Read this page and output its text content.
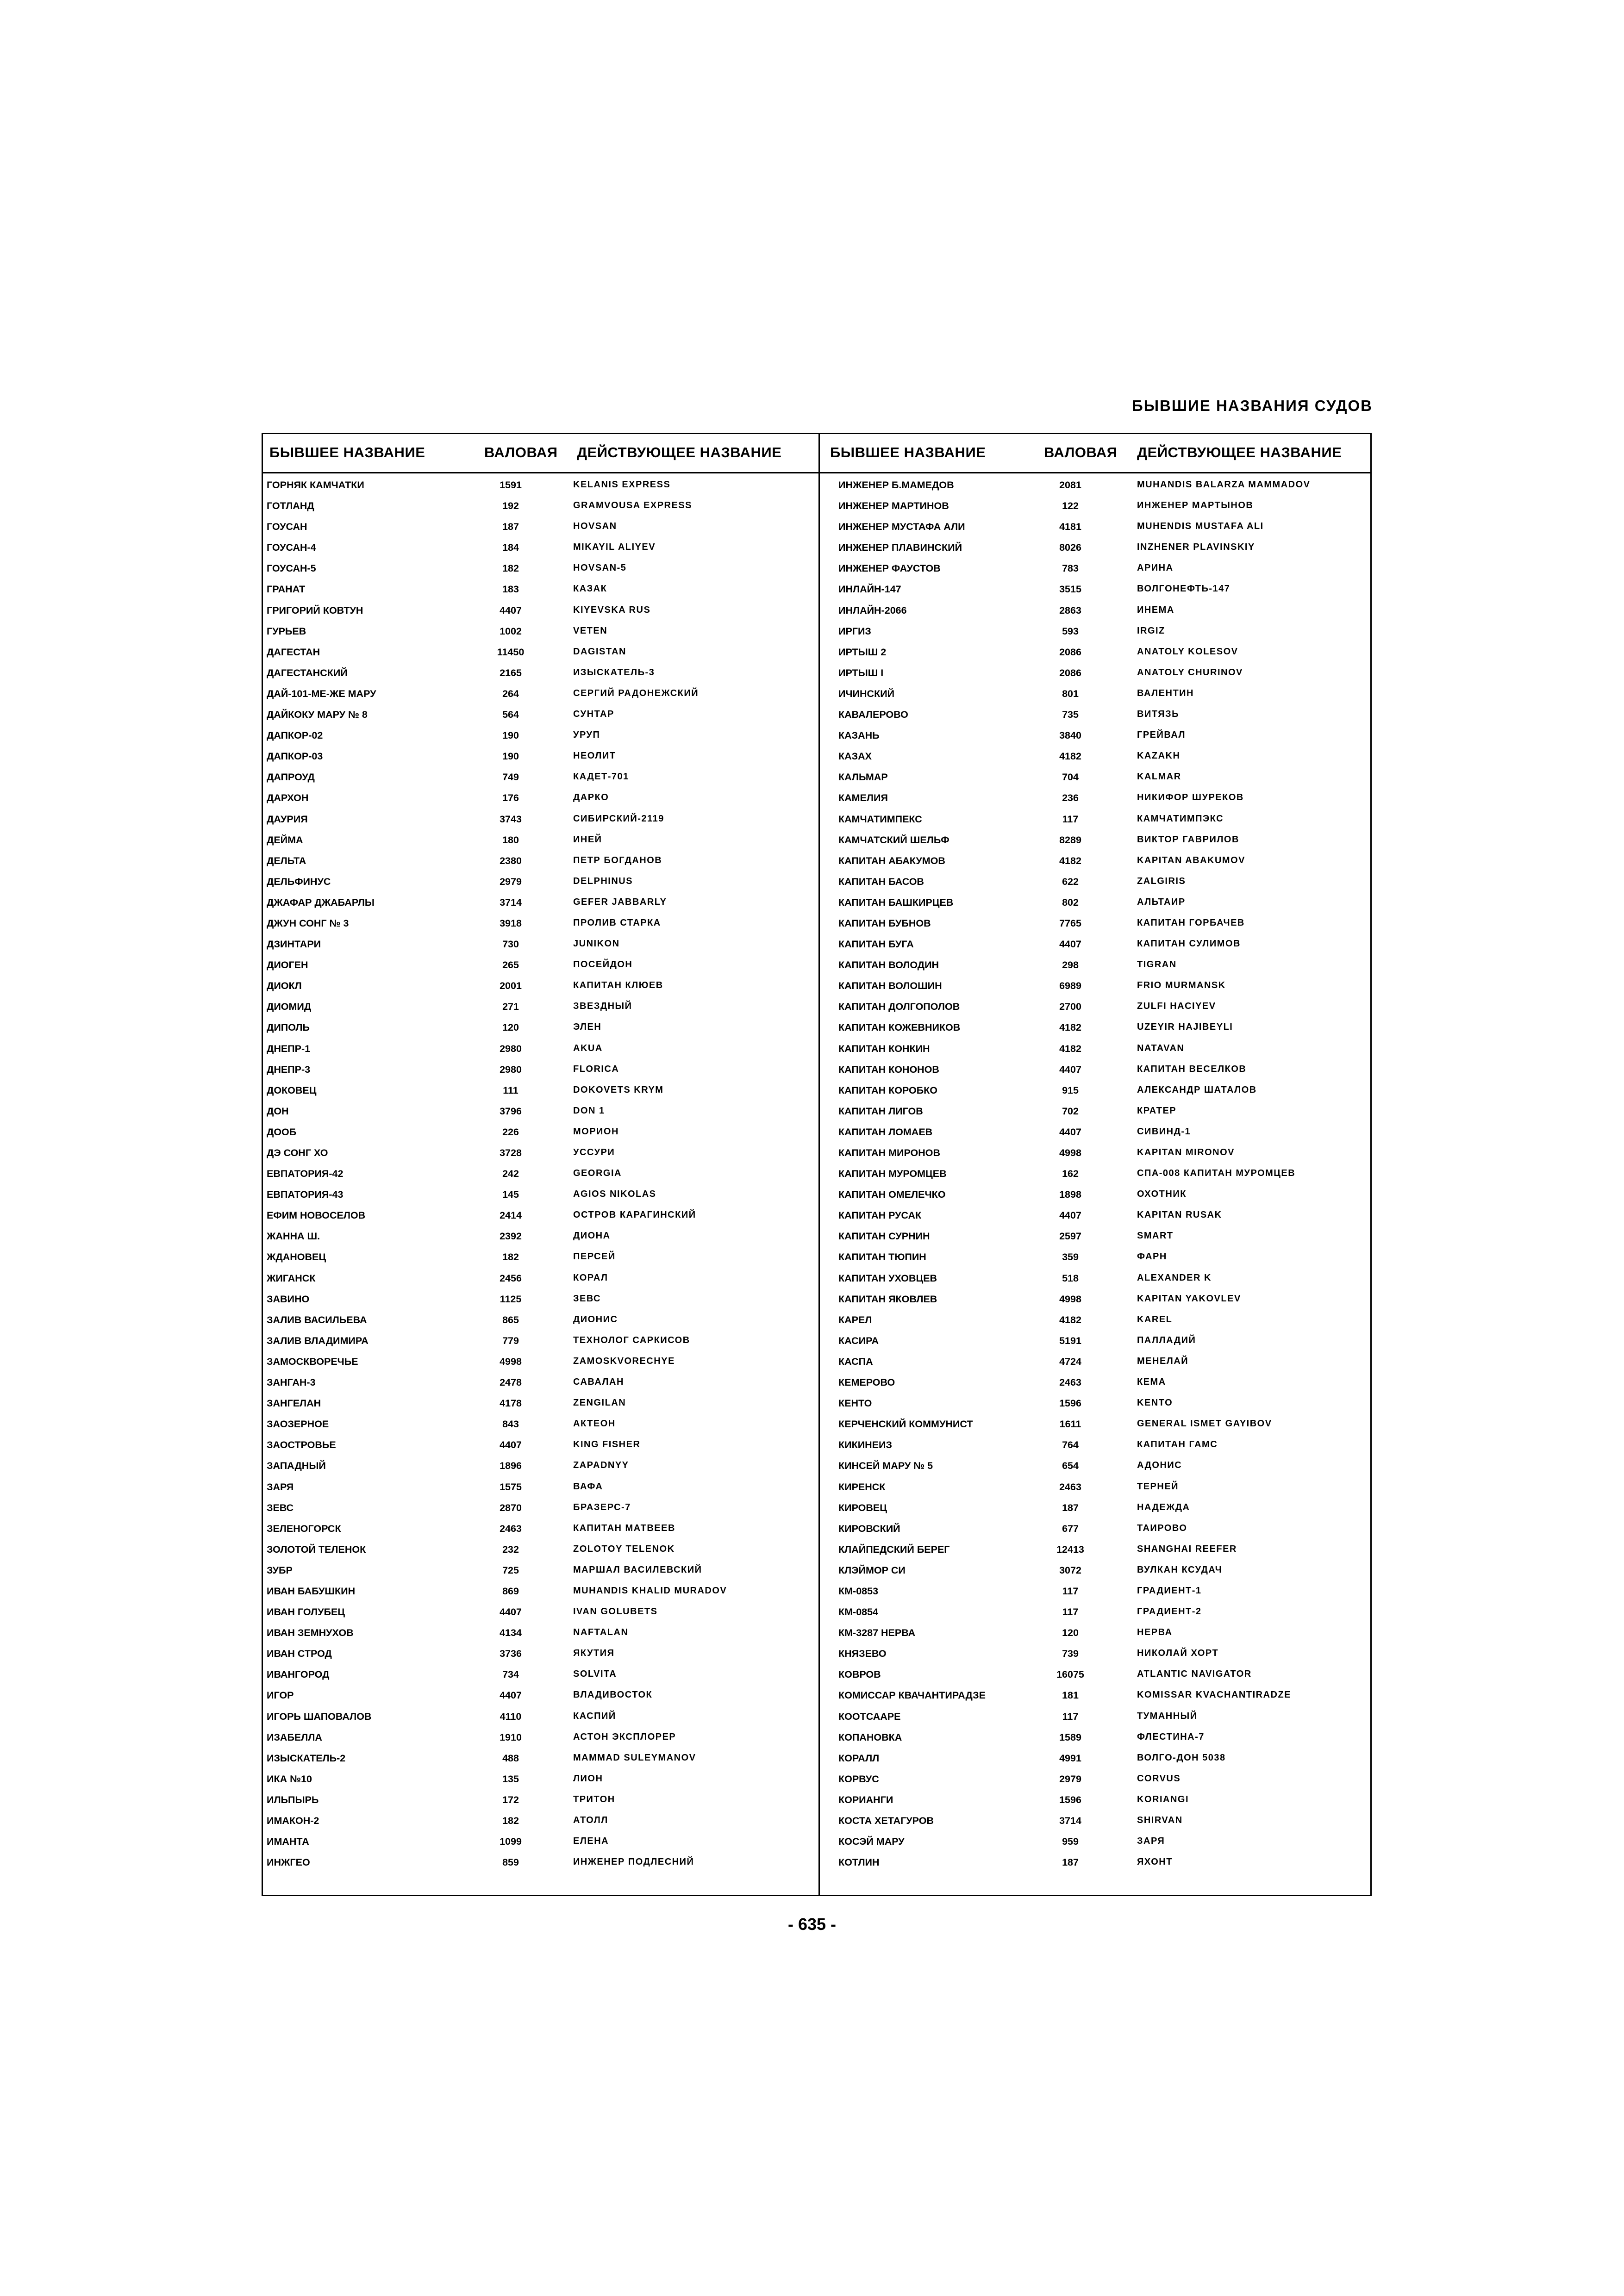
БЫВШИЕ НАЗВАНИЯ СУДОВ
БЫВШЕЕ НАЗВАНИЕ	ВАЛОВАЯ ДЕЙСТВУЮЩЕЕ НАЗВАНИЕ
ГОРНЯК КАМЧАТКИ	1591	KELANIS EXPRESS
ГОТЛАНД	192	GRAMVOUSA EXPRESS
ГОУСАН	187	HOVSAN
ГОУСАН-4	184	MIKAYIL ALIYEV
ГОУСАН-5	182	HOVSAN-5
ГРАНАТ	183	КАЗАК
ГРИГОРИЙ КОВТУН	4407	KIYEVSKA RUS
ГУРЬЕВ	1002	VETEN
ДАГЕСТАН	11450	DAGISTAN
ДАГЕСТАНСКИЙ	2165	ИЗЫСКАТЕЛЬ-3
ДАЙ-101-МЕ-ЖЕ МАРУ	264	СЕРГИЙ РАДОНЕЖСКИЙ
ДАЙКОКУ МАРУ № 8	564	СУНТАР
ДАПКОР-02	190	УРУП
ДАПКОР-03	190	НЕОЛИТ
ДАПРОУД	749	КАДЕТ-701
ДАРХОН	176	ДАРКО
ДАУРИЯ	3743	СИБИРСКИЙ-2119
ДЕЙМА	180	ИНЕЙ
ДЕЛЬТА	2380	ПЕТР БОГДАНОВ
ДЕЛЬФИНУС	2979	DELPHINUS
ДЖАФАР ДЖАБАРЛЫ	3714	GEFER JABBARLY
ДЖУН СОНГ № 3	3918	ПРОЛИВ СТАРКА
ДЗИНТАРИ	730	JUNIKON
ДИОГЕН	265	ПОСЕЙДОН
ДИОКЛ	2001	КАПИТАН КЛЮЕВ
ДИОМИД	271	ЗВЕЗДНЫЙ
ДИПОЛЬ	120	ЭЛЕН
ДНЕПР-1	2980	AKUA
ДНЕПР-3	2980	FLORICA
ДОКОВЕЦ	111	DOKOVETS KRYM
ДОН	3796	DON 1
ДООБ	226	МОРИОН
ДЭ СОНГ ХО	3728	УССУРИ
ЕВПАТОРИЯ-42	242	GEORGIA
ЕВПАТОРИЯ-43	145	AGIOS NIKOLAS
ЕФИМ НОВОСЕЛОВ	2414	ОСТРОВ КАРАГИНСКИЙ
ЖАННА Ш.	2392	ДИОНА
ЖДАНОВЕЦ	182	ПЕРСЕЙ
ЖИГАНСК	2456	КОРАЛ
ЗАВИНО	1125	ЗЕВС
ЗАЛИВ ВАСИЛЬЕВА	865	ДИОНИС
ЗАЛИВ ВЛАДИМИРА	779	ТЕХНОЛОГ САРКИСОВ
ЗАМОСКВОРЕЧЬЕ	4998	ZAMOSKVORECHYE
ЗАНГАН-3	2478	САВАЛАН
ЗАНГЕЛАН	4178	ZENGILAN
ЗАОЗЕРНОЕ	843	АКТЕОН
ЗАОСТРОВЬЕ	4407	KING FISHER
ЗАПАДНЫЙ	1896	ZAPADNYY
ЗАРЯ	1575	ВАФА
ЗЕВС	2870	БРАЗЕРС-7
ЗЕЛЕНОГОРСК	2463	КАПИТАН МАТВЕЕВ
ЗОЛОТОЙ ТЕЛЕНОК	232	ZOLOTOY TELENOK
ЗУБР	725	МАРШАЛ ВАСИЛЕВСКИЙ
ИВАН БАБУШКИН	869	MUHANDIS KHALID MURADOV
ИВАН ГОЛУБЕЦ	4407	IVAN GOLUBETS
ИВАН ЗЕМНУХОВ	4134	NAFTALAN
ИВАН СТРОД	3736	ЯКУТИЯ
ИВАНГОРОД	734	SOLVITA
ИГОР	4407	ВЛАДИВОСТОК
ИГОРЬ ШАПОВАЛОВ	4110	КАСПИЙ
ИЗАБЕЛЛА	1910	АСТОН ЭКСПЛОРЕР
ИЗЫСКАТЕЛЬ-2	488	MAMMAD SULEYMANOV
ИКА №10	135	ЛИОН
ИЛЬПЫРЬ	172	ТРИТОН
ИМАКОН-2	182	АТОЛЛ
ИМАНТА	1099	ЕЛЕНА
ИНЖГЕО	859	ИНЖЕНЕР ПОДЛЕСНИЙ
БЫВШЕЕ НАЗВАНИЕ	ВАЛОВАЯ ДЕЙСТВУЮЩЕЕ НАЗВАНИЕ
ИНЖЕНЕР Б.МАМЕДОВ	2081	MUHANDIS BALARZA MAMMADOV
ИНЖЕНЕР МАРТИНОВ	122	ИНЖЕНЕР МАРТЫНОВ
ИНЖЕНЕР МУСТАФА АЛИ	4181	MUHENDIS MUSTAFA ALI
ИНЖЕНЕР ПЛАВИНСКИЙ	8026	INZHENER PLAVINSKIY
ИНЖЕНЕР ФАУСТОВ	783	АРИНА
ИНЛАЙН-147	3515	ВОЛГОНЕФТЬ-147
ИНЛАЙН-2066	2863	ИНЕМА
ИРГИЗ	593	IRGIZ
ИРТЫШ 2	2086	ANATOLY KOLESOV
ИРТЫШ I	2086	ANATOLY CHURINOV
ИЧИНСКИЙ	801	ВАЛЕНТИН
КАВАЛЕРОВО	735	ВИТЯЗЬ
КАЗАНЬ	3840	ГРЕЙВАЛ
КАЗАХ	4182	KAZAKH
КАЛЬМАР	704	KALMAR
КАМЕЛИЯ	236	НИКИФОР ШУРЕКОВ
КАМЧАТИМПЕКС	117	КАМЧАТИМПЭКС
КАМЧАТСКИЙ ШЕЛЬФ	8289	ВИКТОР ГАВРИЛОВ
КАПИТАН АБАКУМОВ	4182	KAPITAN ABAKUMOV
КАПИТАН БАСОВ	622	ZALGIRIS
КАПИТАН БАШКИРЦЕВ	802	АЛЬТАИР
КАПИТАН БУБНОВ	7765	КАПИТАН ГОРБАЧЕВ
КАПИТАН БУГА	4407	КАПИТАН СУЛИМОВ
КАПИТАН ВОЛОДИН	298	TIGRAN
КАПИТАН ВОЛОШИН	6989	FRIO MURMANSK
КАПИТАН ДОЛГОПОЛОВ	2700	ZULFI HACIYEV
КАПИТАН КОЖЕВНИКОВ	4182	UZEYIR HAJIBEYLI
КАПИТАН КОНКИН	4182	NATAVAN
КАПИТАН КОНОНОВ	4407	КАПИТАН ВЕСЕЛКОВ
КАПИТАН КОРОБКО	915	АЛЕКСАНДР ШАТАЛОВ
КАПИТАН ЛИГОВ	702	КРАТЕР
КАПИТАН ЛОМАЕВ	4407	СИВИНД-1
КАПИТАН МИРОНОВ	4998	KAPITAN MIRONOV
КАПИТАН МУРОМЦЕВ	162	СПА-008 КАПИТАН МУРОМЦЕВ
КАПИТАН ОМЕЛЕЧКО	1898	ОХОТНИК
КАПИТАН РУСАК	4407	KAPITAN RUSAK
КАПИТАН СУРНИН	2597	SMART
КАПИТАН ТЮПИН	359	ФАРН
КАПИТАН УХОВЦЕВ	518	ALEXANDER K
КАПИТАН ЯКОВЛЕВ	4998	KAPITAN YAKOVLEV
КАРЕЛ	4182	KAREL
КАСИРА	5191	ПАЛЛАДИЙ
КАСПА	4724	МЕНЕЛАЙ
КЕМЕРОВО	2463	КЕМА
КЕНТО	1596	KENTO
КЕРЧЕНСКИЙ КОММУНИСТ	1611	GENERAL ISMET GAYIBOV
КИКИНЕИЗ	764	КАПИТАН ГАМС
КИНСЕЙ МАРУ № 5	654	АДОНИС
КИРЕНСК	2463	ТЕРНЕЙ
КИРОВЕЦ	187	НАДЕЖДА
КИРОВСКИЙ	677	ТАИРОВО
КЛАЙПЕДСКИЙ БЕРЕГ	12413	SHANGHAI REEFER
КЛЭЙМОР СИ	3072	ВУЛКАН КСУДАЧ
КМ-0853	117	ГРАДИЕНТ-1
КМ-0854	117	ГРАДИЕНТ-2
КМ-3287 НЕРВА	120	НЕРВА
КНЯЗЕВО	739	НИКОЛАЙ ХОРТ
КОВРОВ	16075	ATLANTIC NAVIGATOR
КОМИССАР КВАЧАНТИРАДЗЕ	181	KOMISSAR KVACHANTIRADZE
КООТСААРЕ	117	ТУМАННЫЙ
КОПАНОВКА	1589	ФЛЕСТИНА-7
КОРАЛЛ	4991	ВОЛГО-ДОН 5038
КОРВУС	2979	CORVUS
КОРИАНГИ	1596	KORIANGI
КОСТА ХЕТАГУРОВ	3714	SHIRVAN
КОСЭЙ МАРУ	959	ЗАРЯ
КОТЛИН	187	ЯХОНТ
- 635 -
